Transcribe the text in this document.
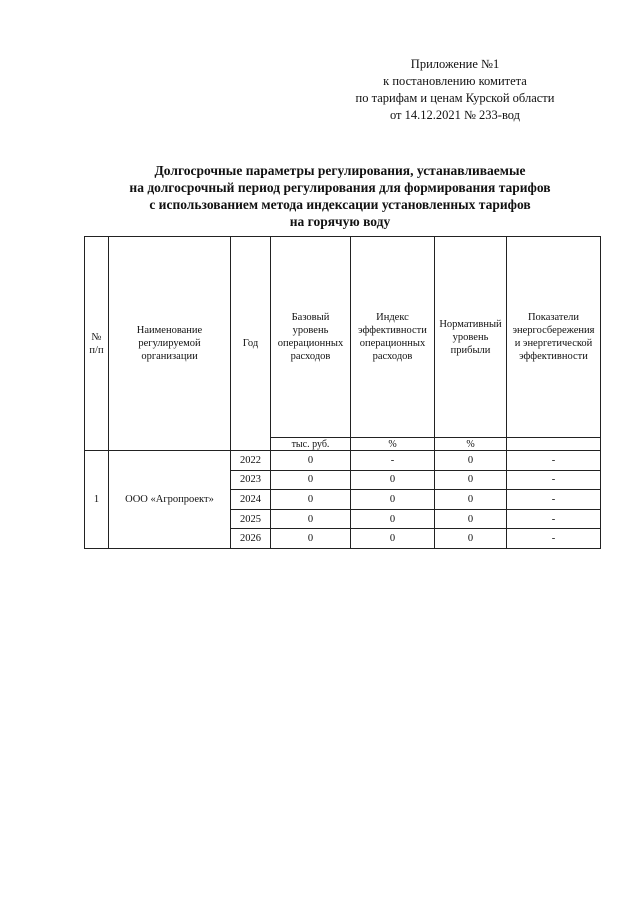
Приложение №1
к постановлению комитета
по тарифам и ценам Курской области
от 14.12.2021 № 233-вод
Долгосрочные параметры регулирования, устанавливаемые
на долгосрочный период регулирования для формирования тарифов
с использованием метода индексации установленных тарифов
на горячую воду
№ п/п	Наименование регулируемой организации	Год	Базовый уровень операционных расходов	Индекс эффективности операционных расходов	Нормативный уровень прибыли	Показатели энергосбережения и энергетической эффективности
			тыс. руб.	%	%	
1	ООО «Агропроект»	2022	0	-	0	-
		2023	0	0	0	-
		2024	0	0	0	-
		2025	0	0	0	-
		2026	0	0	0	-
